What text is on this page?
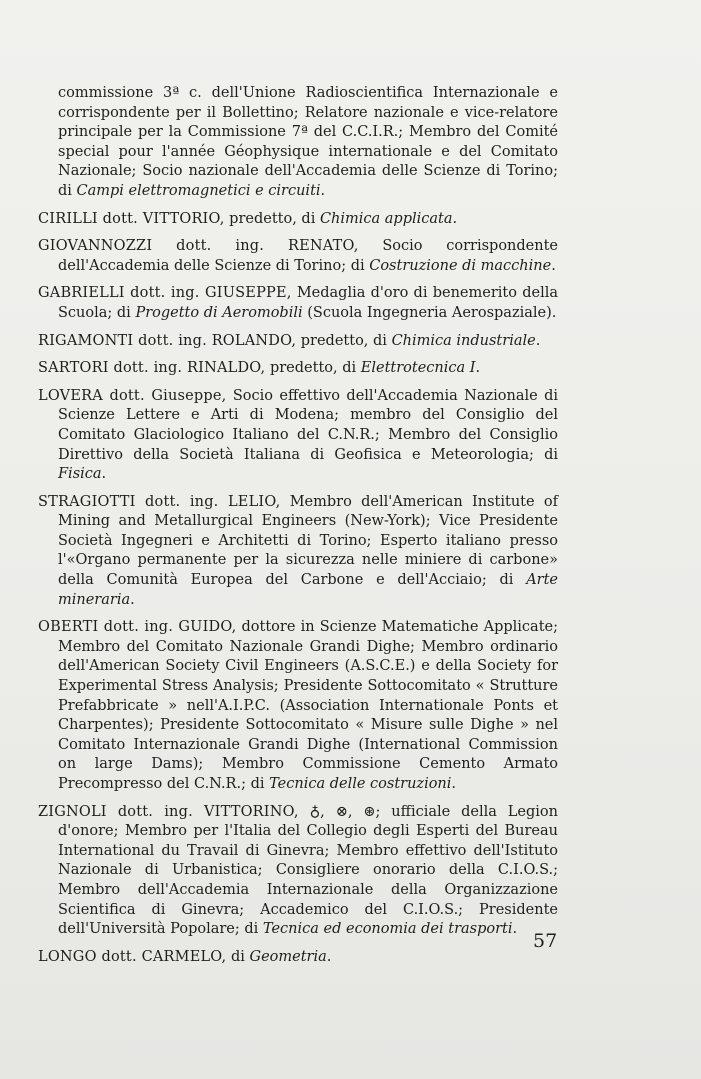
commissione 3ª c. dell'Unione Radioscientifica Internazionale e corrispondente per il Bollettino; Relatore nazionale e vice-relatore principale per la Commissione 7ª del C.C.I.R.; Membro del Comité special pour l'année Géophysique internationale e del Comitato Nazionale; Socio nazionale dell'Accademia delle Scienze di Torino; di Campi elettromagnetici e circuiti.

CIRILLI dott. VITTORIO, predetto, di Chimica applicata.

GIOVANNOZZI dott. ing. RENATO, Socio corrispondente dell'Accademia delle Scienze di Torino; di Costruzione di macchine.

GABRIELLI dott. ing. GIUSEPPE, Medaglia d'oro di benemerito della Scuola; di Progetto di Aeromobili (Scuola Ingegneria Aerospaziale).

RIGAMONTI dott. ing. ROLANDO, predetto, di Chimica industriale.

SARTORI dott. ing. RINALDO, predetto, di Elettrotecnica I.

LOVERA dott. Giuseppe, Socio effettivo dell'Accademia Nazionale di Scienze Lettere e Arti di Modena; membro del Consiglio del Comitato Glaciologico Italiano del C.N.R.; Membro del Consiglio Direttivo della Società Italiana di Geofisica e Meteorologia; di Fisica.

STRAGIOTTI dott. ing. LELIO, Membro dell'American Institute of Mining and Metallurgical Engineers (New-York); Vice Presidente Società Ingegneri e Architetti di Torino; Esperto italiano presso l'«Organo permanente per la sicurezza nelle miniere di carbone» della Comunità Europea del Carbone e dell'Acciaio; di Arte mineraria.

OBERTI dott. ing. GUIDO, dottore in Scienze Matematiche Applicate; Membro del Comitato Nazionale Grandi Dighe; Membro ordinario dell'American Society Civil Engineers (A.S.C.E.) e della Society for Experimental Stress Analysis; Presidente Sottocomitato « Strutture Prefabbricate » nell'A.I.P.C. (Association Internationale Ponts et Charpentes); Presidente Sottocomitato « Misure sulle Dighe » nel Comitato Internazionale Grandi Dighe (International Commission on large Dams); Membro Commissione Cemento Armato Precompresso del C.N.R.; di Tecnica delle costruzioni.

ZIGNOLI dott. ing. VITTORINO, ♁, ⊗, ⊛; ufficiale della Legion d'onore; Membro per l'Italia del Collegio degli Esperti del Bureau International du Travail di Ginevra; Membro effettivo dell'Istituto Nazionale di Urbanistica; Consigliere onorario della C.I.O.S.; Membro dell'Accademia Internazionale della Organizzazione Scientifica di Ginevra; Accademico del C.I.O.S.; Presidente dell'Università Popolare; di Tecnica ed economia dei trasporti.

LONGO dott. CARMELO, di Geometria.

57
